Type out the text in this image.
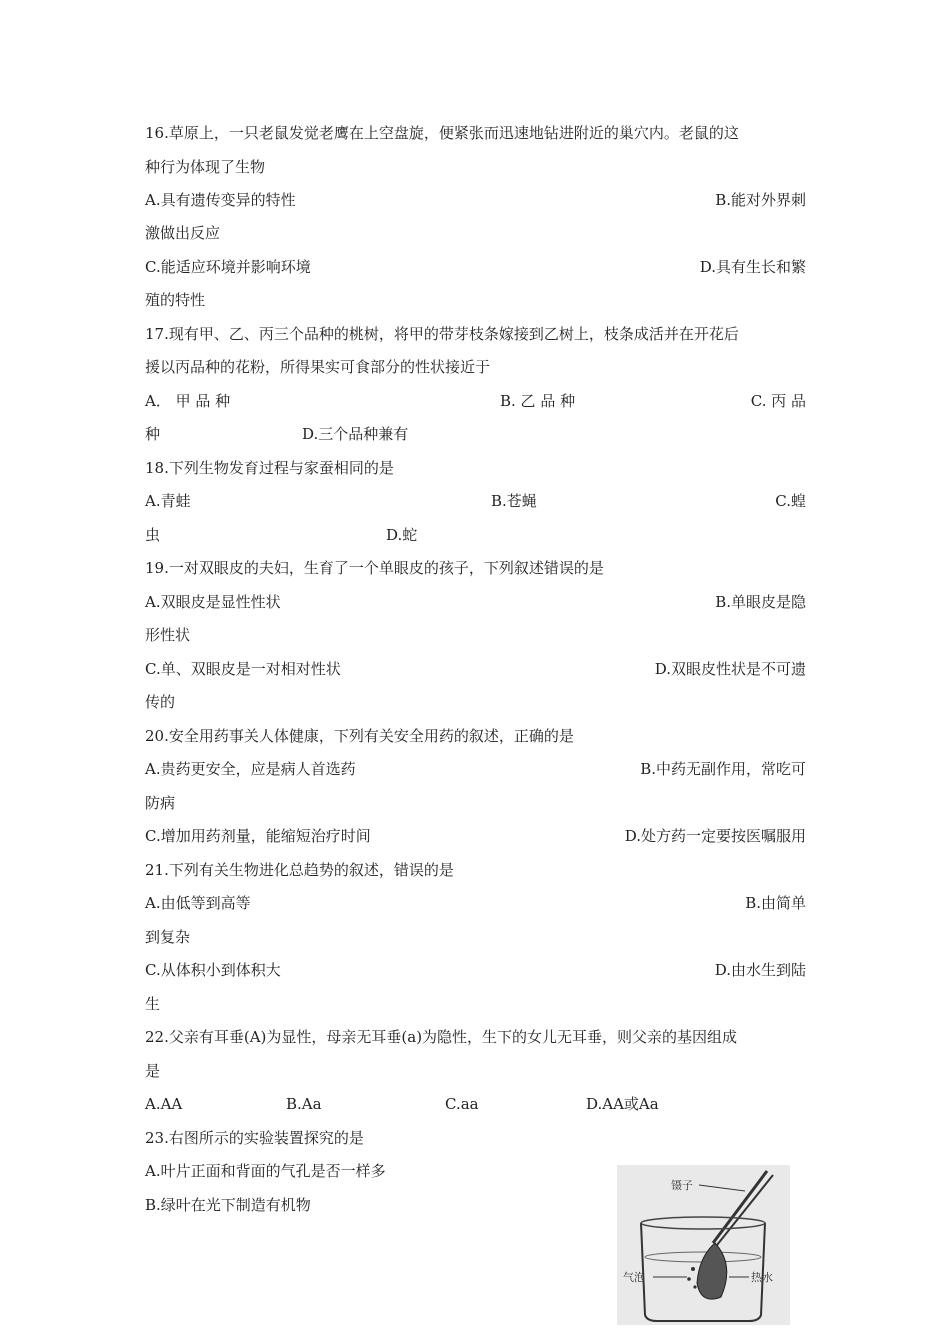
16.草原上，一只老鼠发觉老鹰在上空盘旋，便紧张而迅速地钻进附近的巢穴内。老鼠的这
种行为体现了生物
A.具有遗传变异的特性	B.能对外界刺
激做出反应
C.能适应环境并影响环境	D.具有生长和繁
殖的特性
17.现有甲、乙、丙三个品种的桃树，将甲的带芽枝条嫁接到乙树上，枝条成活并在开花后
援以丙品种的花粉，所得果实可食部分的性状接近于
A． 甲 品 种	B. 乙 品 种	C. 丙 品
种	D.三个品种兼有
18.下列生物发育过程与家蚕相同的是
A.青蛙	B.苍蝇	C.蝗
虫	D.蛇
19.一对双眼皮的夫妇，生育了一个单眼皮的孩子，下列叙述错误的是
A.双眼皮是显性性状	B.单眼皮是隐
形性状
C.单、双眼皮是一对相对性状	D.双眼皮性状是不可遗
传的
20.安全用药事关人体健康，下列有关安全用药的叙述，正确的是
A.贵药更安全，应是病人首选药	B.中药无副作用，常吃可
防病
C.增加用药剂量，能缩短治疗时间	D.处方药一定要按医嘱服用
21.下列有关生物进化总趋势的叙述，错误的是
A.由低等到高等	B.由简单
到复杂
C.从体积小到体积大	D.由水生到陆
生
22.父亲有耳垂(A)为显性，母亲无耳垂(a)为隐性，生下的女儿无耳垂，则父亲的基因组成
是
A.AA	B.Aa	C.aa	D.AA或Aa
23.右图所示的实验装置探究的是
A.叶片正面和背面的气孔是否一样多
B.绿叶在光下制造有机物
镊子
气泡	热水
